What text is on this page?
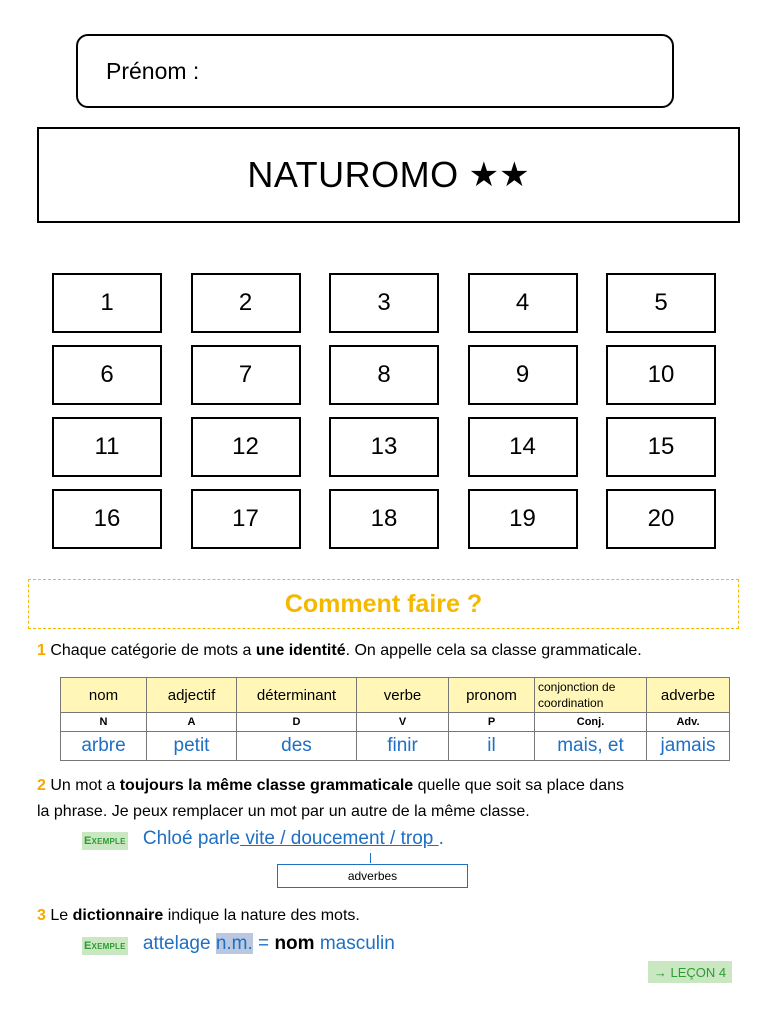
Prénom :
NATUROMO ★★
1	2	3	4	5
6	7	8	9	10
11	12	13	14	15
16	17	18	19	20
Comment faire ?
1 Chaque catégorie de mots a une identité. On appelle cela sa classe grammaticale.
nom	adjectif	déterminant	verbe	pronom	conjonction de coordination	adverbe
N	A	D	V	P	Conj.	Adv.
arbre	petit	des	finir	il	mais, et	jamais
2 Un mot a toujours la même classe grammaticale quelle que soit sa place dans
la phrase. Je peux remplacer un mot par un autre de la même classe.
Exemple Chloé parle vite / doucement / trop .
adverbes
3 Le dictionnaire indique la nature des mots.
Exemple attelage n.m. = nom masculin
→ LEÇON 4
